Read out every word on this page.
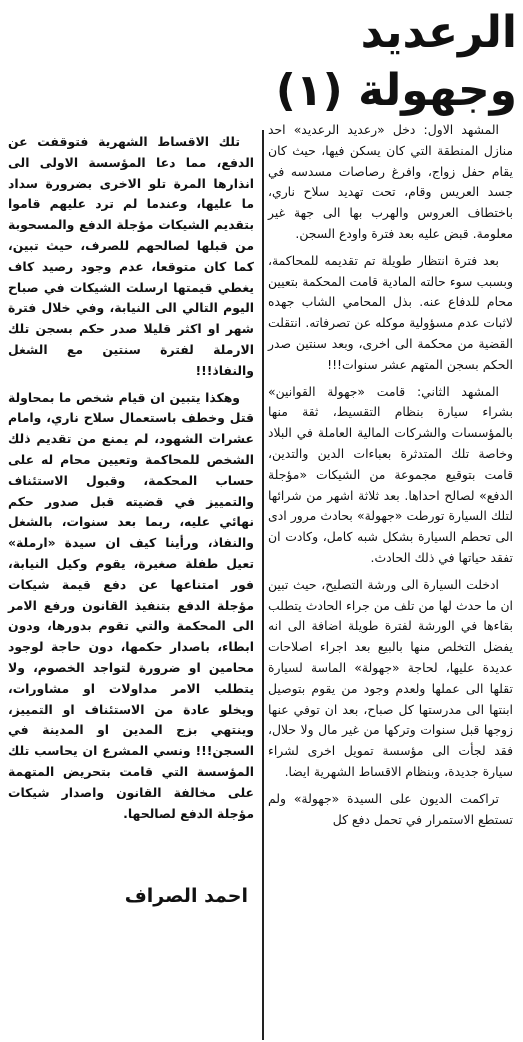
الرعديد
وجهولة (١)

المشهد الاول: دخل «رعديد الرعديد» احد منازل المنطقة التي كان يسكن فيها، حيث كان يقام حفل زواج، وافرغ رصاصات مسدسه في جسد العريس وقام، تحت تهديد سلاح ناري، باختطاف العروس والهرب بها الى جهة غير معلومة. قبض عليه بعد فترة واودع السجن.

بعد فترة انتظار طويلة تم تقديمه للمحاكمة، وبسبب سوء حالته المادية قامت المحكمة بتعيين محام للدفاع عنه. بذل المحامي الشاب جهده لاثبات عدم مسؤولية موكله عن تصرفاته. انتقلت القضية من محكمة الى اخرى، وبعد سنتين صدر الحكم بسجن المتهم عشر سنوات!!!

المشهد الثاني: قامت «جهولة القوانين» بشراء سيارة بنظام التقسيط، ثقة منها بالمؤسسات والشركات المالية العاملة في البلاد وخاصة تلك المتدثرة بعباءات الدين والتدين، قامت بتوقيع مجموعة من الشيكات «مؤجلة الدفع» لصالح احداها. بعد ثلاثة اشهر من شرائها لتلك السيارة تورطت «جهولة» بحادث مرور ادى الى تحطم السيارة بشكل شبه كامل، وكادت ان تفقد حياتها في ذلك الحادث.

ادخلت السيارة الى ورشة التصليح، حيث تبين ان ما حدث لها من تلف من جراء الحادث يتطلب بقاءها في الورشة لفترة طويلة اضافة الى انه يفضل التخلص منها بالبيع بعد اجراء اصلاحات عديدة عليها، لحاجة «جهولة» الماسة لسيارة تقلها الى عملها ولعدم وجود من يقوم بتوصيل ابنتها الى مدرستها كل صباح، بعد ان توفي عنها زوجها قبل سنوات وتركها من غير مال ولا حلال، فقد لجأت الى مؤسسة تمويل اخرى لشراء سيارة جديدة، وبنظام الاقساط الشهرية ايضا.

تراكمت الديون على السيدة «جهولة» ولم تستطع الاستمرار في تحمل دفع كل

تلك الاقساط الشهرية فتوقفت عن الدفع، مما دعا المؤسسة الاولى الى انذارها المرة تلو الاخرى بضرورة سداد ما عليها، وعندما لم ترد عليهم قاموا بتقديم الشيكات مؤجلة الدفع والمسحوبة من قبلها لصالحهم للصرف، حيث تبين، كما كان متوقعا، عدم وجود رصيد كاف يغطي قيمتها ارسلت الشيكات في صباح اليوم التالي الى النيابة، وفي خلال فترة شهر او اكثر قليلا صدر حكم بسجن تلك الارملة لفترة سنتين مع الشغل والنفاذ!!!

وهكذا يتبين ان قيام شخص ما بمحاولة قتل وخطف باستعمال سلاح ناري، وامام عشرات الشهود، لم يمنع من تقديم ذلك الشخص للمحاكمة وتعيين محام له على حساب المحكمة، وقبول الاستئناف والتمييز في قضيته قبل صدور حكم نهائي عليه، ربما بعد سنوات، بالشغل والنفاذ، ورأينا كيف ان سيدة «ارملة» تعيل طفلة صغيرة، يقوم وكيل النيابة، فور امتناعها عن دفع قيمة شيكات مؤجلة الدفع بتنفيذ القانون ورفع الامر الى المحكمة والتي تقوم بدورها، ودون ابطاء، باصدار حكمها، دون حاجة لوجود محامين او ضرورة لتواجد الخصوم، ولا يتطلب الامر مداولات او مشاورات، ويخلو عادة من الاستئناف او التمييز، وينتهي بزج المدين او المدينة في السجن!!! ونسي المشرع ان يحاسب تلك المؤسسة التي قامت بتحريض المتهمة على مخالفة القانون واصدار شيكات مؤجلة الدفع لصالحها.

احمد الصراف
